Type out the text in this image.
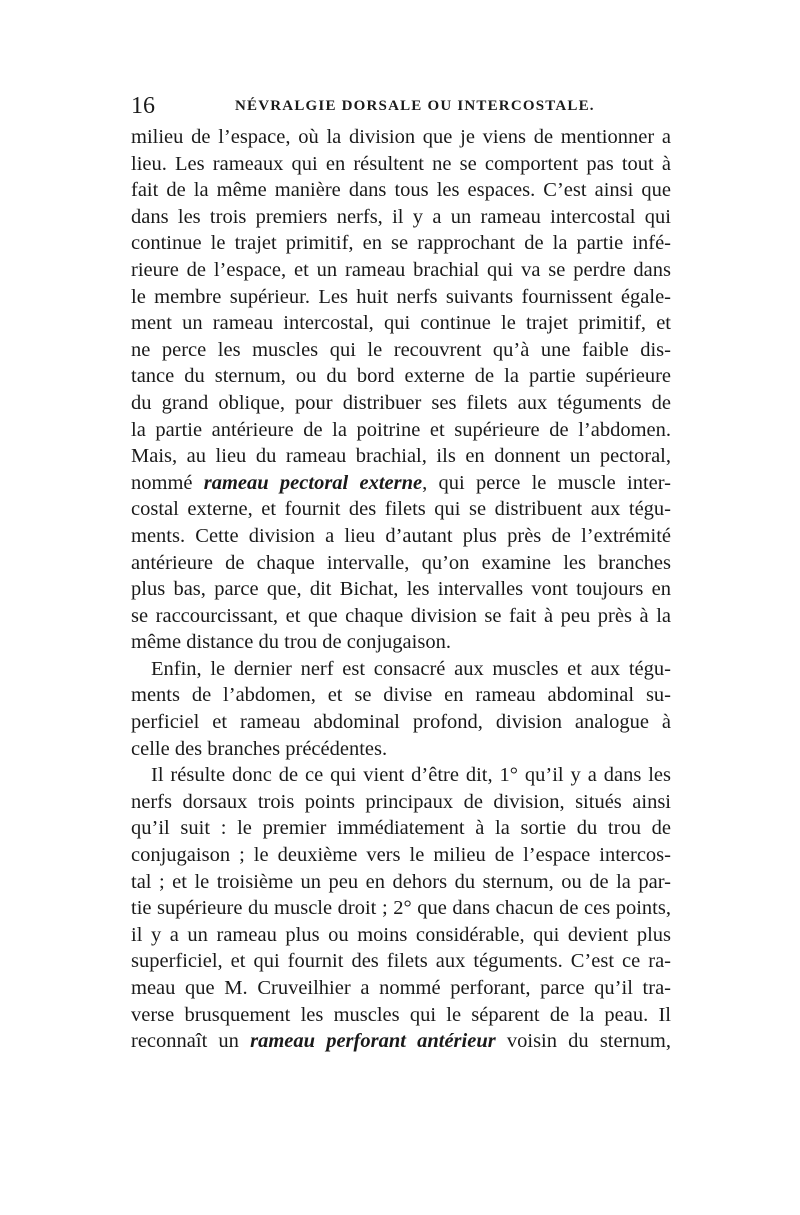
16	NÉVRALGIE DORSALE OU INTERCOSTALE.
milieu de l’espace, où la division que je viens de mentionner a
lieu. Les rameaux qui en résultent ne se comportent pas tout à
fait de la même manière dans tous les espaces. C’est ainsi que
dans les trois premiers nerfs, il y a un rameau intercostal qui
continue le trajet primitif, en se rapprochant de la partie infé-
rieure de l’espace, et un rameau brachial qui va se perdre dans
le membre supérieur. Les huit nerfs suivants fournissent égale-
ment un rameau intercostal, qui continue le trajet primitif, et
ne perce les muscles qui le recouvrent qu’à une faible dis-
tance du sternum, ou du bord externe de la partie supérieure
du grand oblique, pour distribuer ses filets aux téguments de
la partie antérieure de la poitrine et supérieure de l’abdomen.
Mais, au lieu du rameau brachial, ils en donnent un pectoral,
nommé rameau pectoral externe, qui perce le muscle inter-
costal externe, et fournit des filets qui se distribuent aux tégu-
ments. Cette division a lieu d’autant plus près de l’extrémité
antérieure de chaque intervalle, qu’on examine les branches
plus bas, parce que, dit Bichat, les intervalles vont toujours en
se raccourcissant, et que chaque division se fait à peu près à la
même distance du trou de conjugaison.
Enfin, le dernier nerf est consacré aux muscles et aux tégu-
ments de l’abdomen, et se divise en rameau abdominal su-
perficiel et rameau abdominal profond, division analogue à
celle des branches précédentes.
Il résulte donc de ce qui vient d’être dit, 1° qu’il y a dans les
nerfs dorsaux trois points principaux de division, situés ainsi
qu’il suit : le premier immédiatement à la sortie du trou de
conjugaison ; le deuxième vers le milieu de l’espace intercos-
tal ; et le troisième un peu en dehors du sternum, ou de la par-
tie supérieure du muscle droit ; 2° que dans chacun de ces points,
il y a un rameau plus ou moins considérable, qui devient plus
superficiel, et qui fournit des filets aux téguments. C’est ce ra-
meau que M. Cruveilhier a nommé perforant, parce qu’il tra-
verse brusquement les muscles qui le séparent de la peau. Il
reconnaît un rameau perforant antérieur voisin du sternum,
